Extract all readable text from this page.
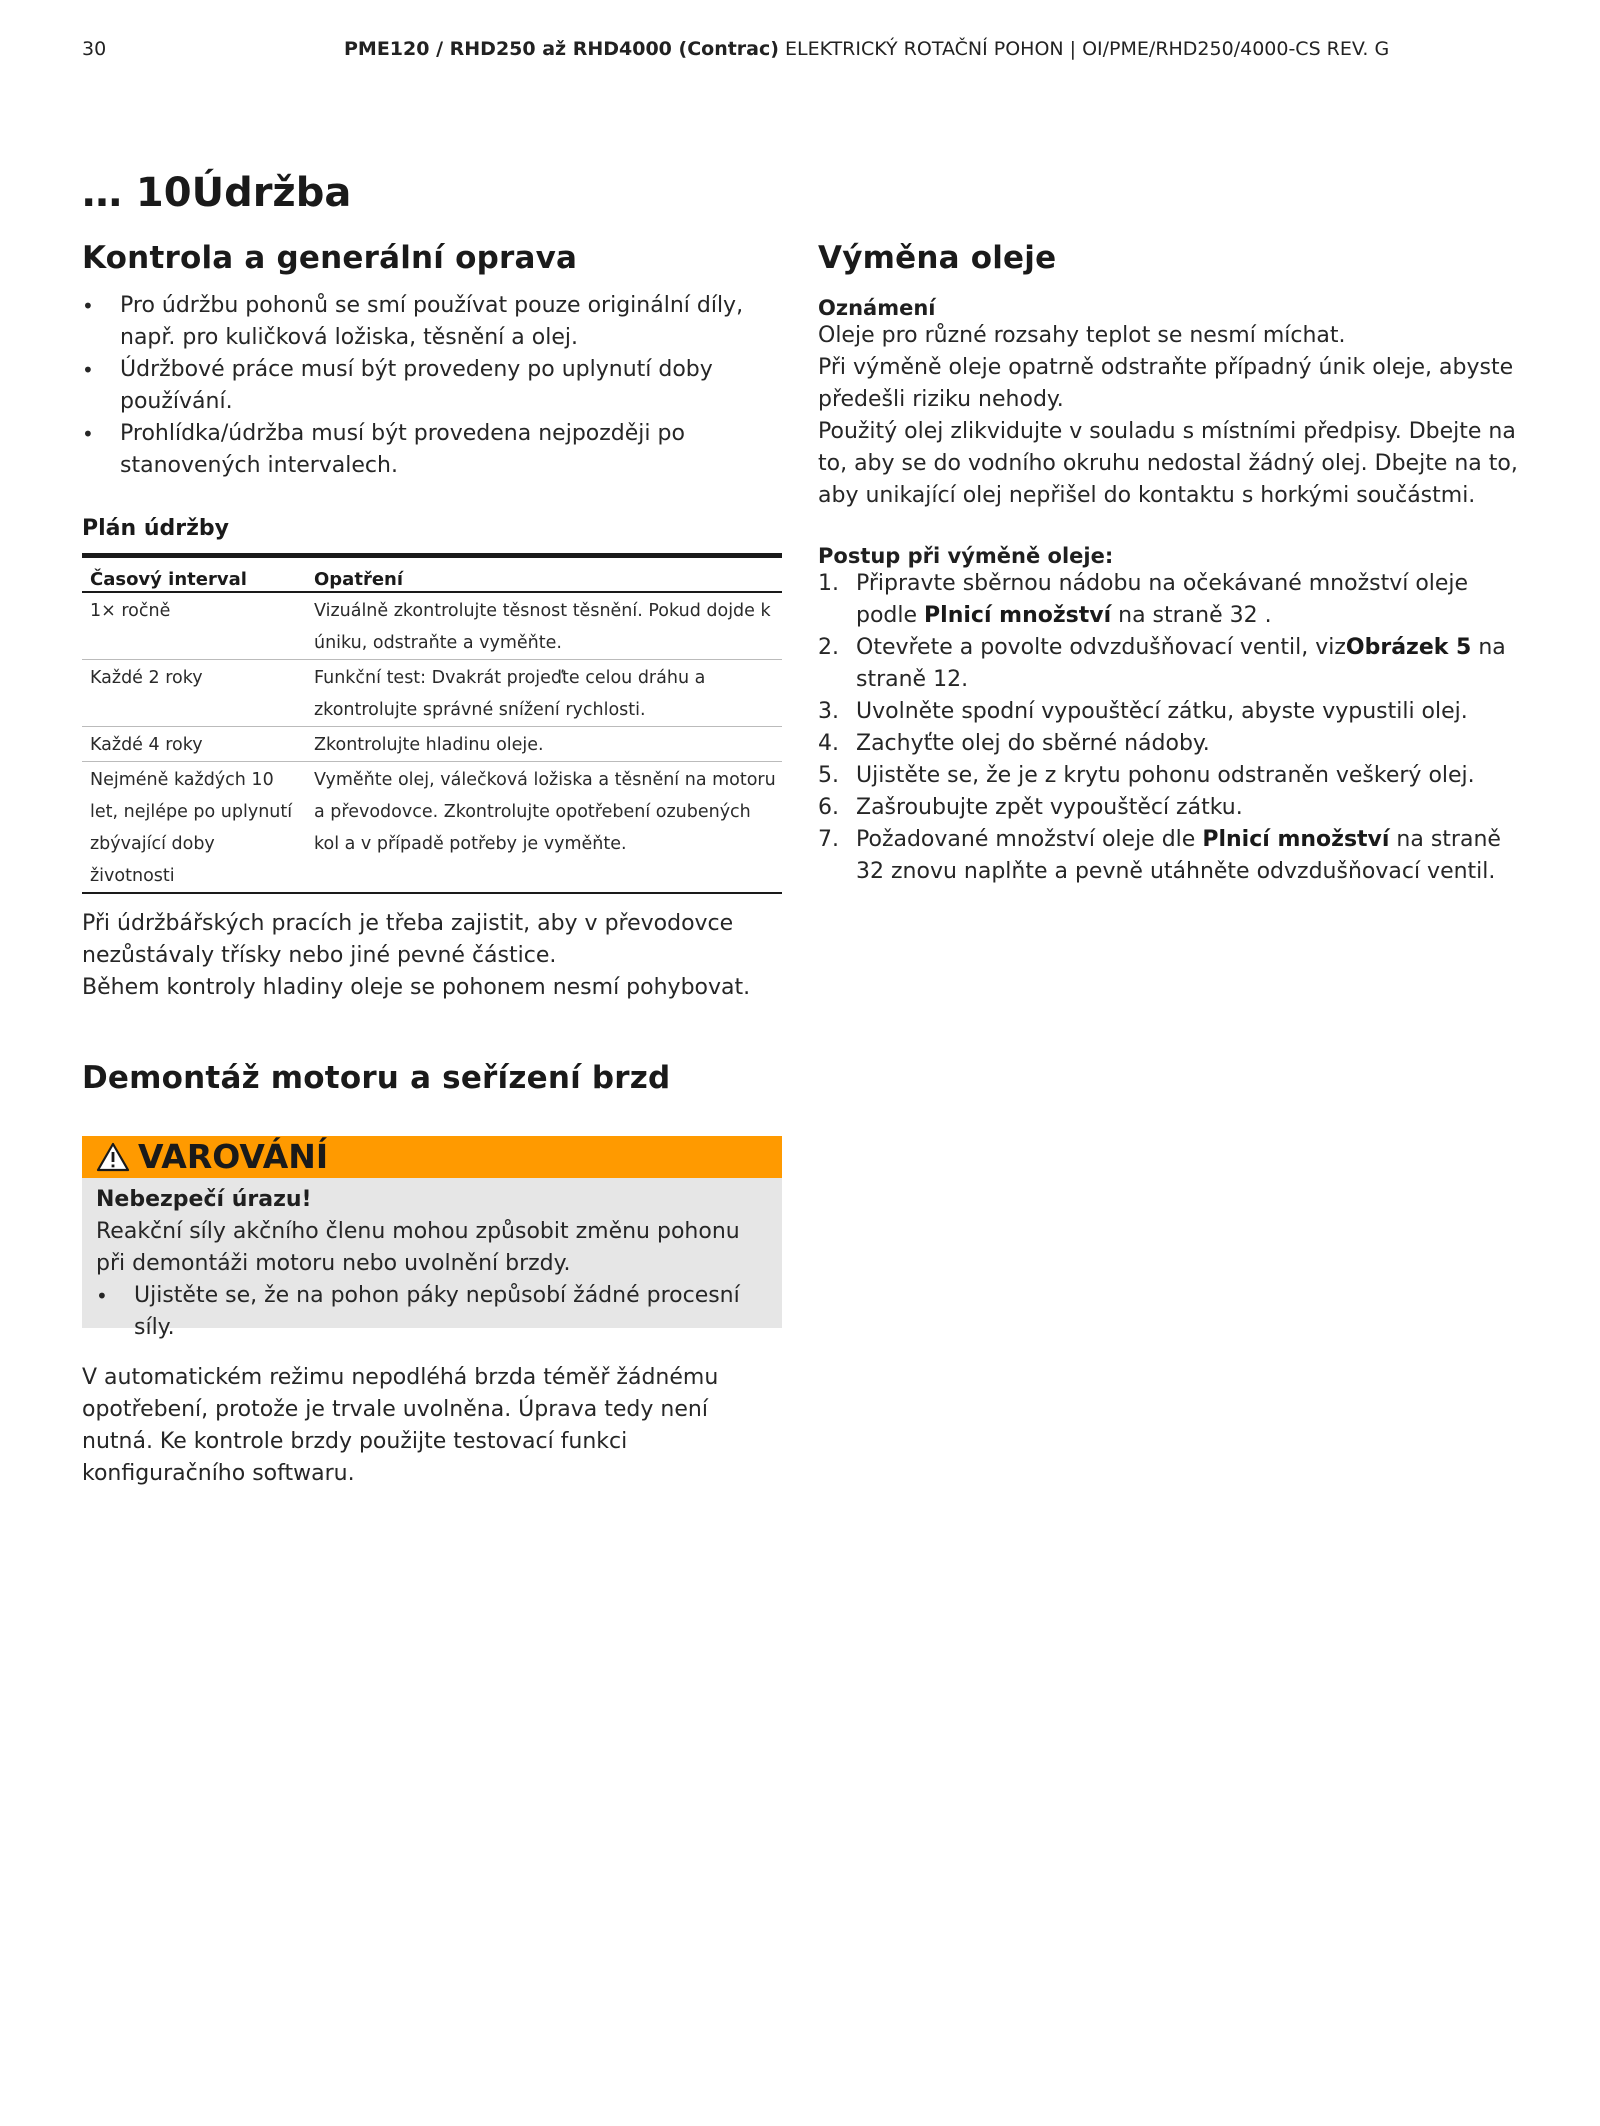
30	PME120 / RHD250 až RHD4000 (Contrac) ELEKTRICKÝ ROTAČNÍ POHON | OI/PME/RHD250/4000-CS REV. G
… 10Údržba
Kontrola a generální oprava
• Pro údržbu pohonů se smí používat pouze originální díly, např. pro kuličková ložiska, těsnění a olej.
• Údržbové práce musí být provedeny po uplynutí doby používání.
• Prohlídka/údržba musí být provedena nejpozději po stanovených intervalech.
Plán údržby
Časový interval	Opatření
1× ročně	Vizuálně zkontrolujte těsnost těsnění. Pokud dojde k úniku, odstraňte a vyměňte.
Každé 2 roky	Funkční test: Dvakrát projeďte celou dráhu a zkontrolujte správné snížení rychlosti.
Každé 4 roky	Zkontrolujte hladinu oleje.
Nejméně každých 10 let, nejlépe po uplynutí zbývající doby životnosti	Vyměňte olej, válečková ložiska a těsnění na motoru a převodovce. Zkontrolujte opotřebení ozubených kol a v případě potřeby je vyměňte.
Při údržbářských pracích je třeba zajistit, aby v převodovce nezůstávaly třísky nebo jiné pevné částice.
Během kontroly hladiny oleje se pohonem nesmí pohybovat.
Demontáž motoru a seřízení brzd
VAROVÁNÍ
Nebezpečí úrazu!

Reakční síly akčního členu mohou způsobit změnu pohonu při demontáži motoru nebo uvolnění brzdy.

• Ujistěte se, že na pohon páky nepůsobí žádné procesní síly.

V automatickém režimu nepodléhá brzda téměř žádnému opotřebení, protože je trvale uvolněna. Úprava tedy není nutná. Ke kontrole brzdy použijte testovací funkci konfiguračního softwaru.

Výměna oleje
Oznámení
Oleje pro různé rozsahy teplot se nesmí míchat.
Při výměně oleje opatrně odstraňte případný únik oleje, abyste předešli riziku nehody.
Použitý olej zlikvidujte v souladu s místními předpisy. Dbejte na to, aby se do vodního okruhu nedostal žádný olej. Dbejte na to, aby unikající olej nepřišel do kontaktu s horkými součástmi.
Postup při výměně oleje:
1. Připravte sběrnou nádobu na očekávané množství oleje podle Plnicí množství na straně 32 .
2. Otevřete a povolte odvzdušňovací ventil, vizObrázek 5 na straně 12.
3. Uvolněte spodní vypouštěcí zátku, abyste vypustili olej.
4. Zachyťte olej do sběrné nádoby.
5. Ujistěte se, že je z krytu pohonu odstraněn veškerý olej.
6. Zašroubujte zpět vypouštěcí zátku.
7. Požadované množství oleje dle Plnicí množství na straně 32 znovu naplňte a pevně utáhněte odvzdušňovací ventil.
